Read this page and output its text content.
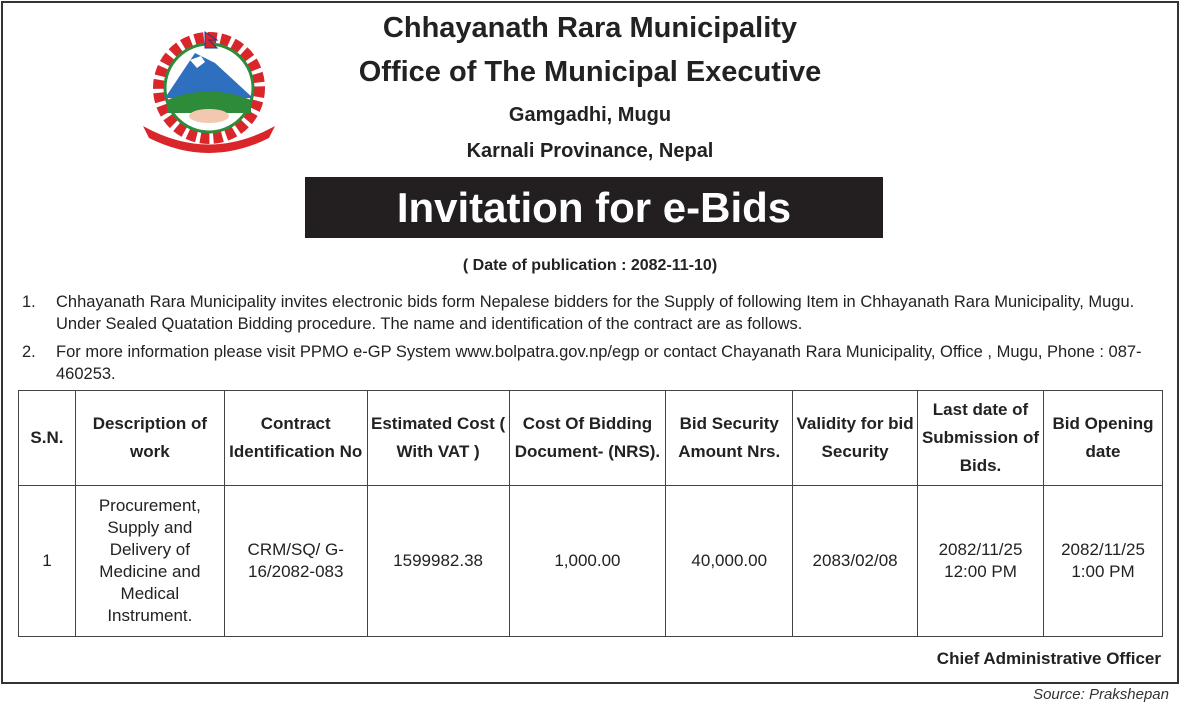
Chhayanath Rara Municipality
Office of The Municipal Executive
Gamgadhi, Mugu
Karnali Provinance, Nepal
Invitation for e-Bids
( Date of publication : 2082-11-10)
1.	Chhayanath Rara Municipality invites electronic bids form Nepalese bidders for the Supply of following Item in Chhayanath Rara Municipality, Mugu. Under Sealed Quatation Bidding procedure. The name and identification of the contract are as follows.
2.	For more information please visit PPMO e-GP System www.bolpatra.gov.np/egp or contact Chayanath Rara Municipality, Office , Mugu, Phone : 087-460253.
S.N.	Description of work	Contract Identification No	Estimated Cost ( With VAT )	Cost Of Bidding Document- (NRS).	Bid Security Amount Nrs.	Validity for bid Security	Last date of Submission of Bids.	Bid Opening date
1	Procurement, Supply and Delivery of Medicine and Medical Instrument.	CRM/SQ/ G-16/2082-083	1599982.38	1,000.00	40,000.00	2083/02/08	2082/11/25 12:00 PM	2082/11/25 1:00 PM
Chief Administrative Officer
Source: Prakshepan
